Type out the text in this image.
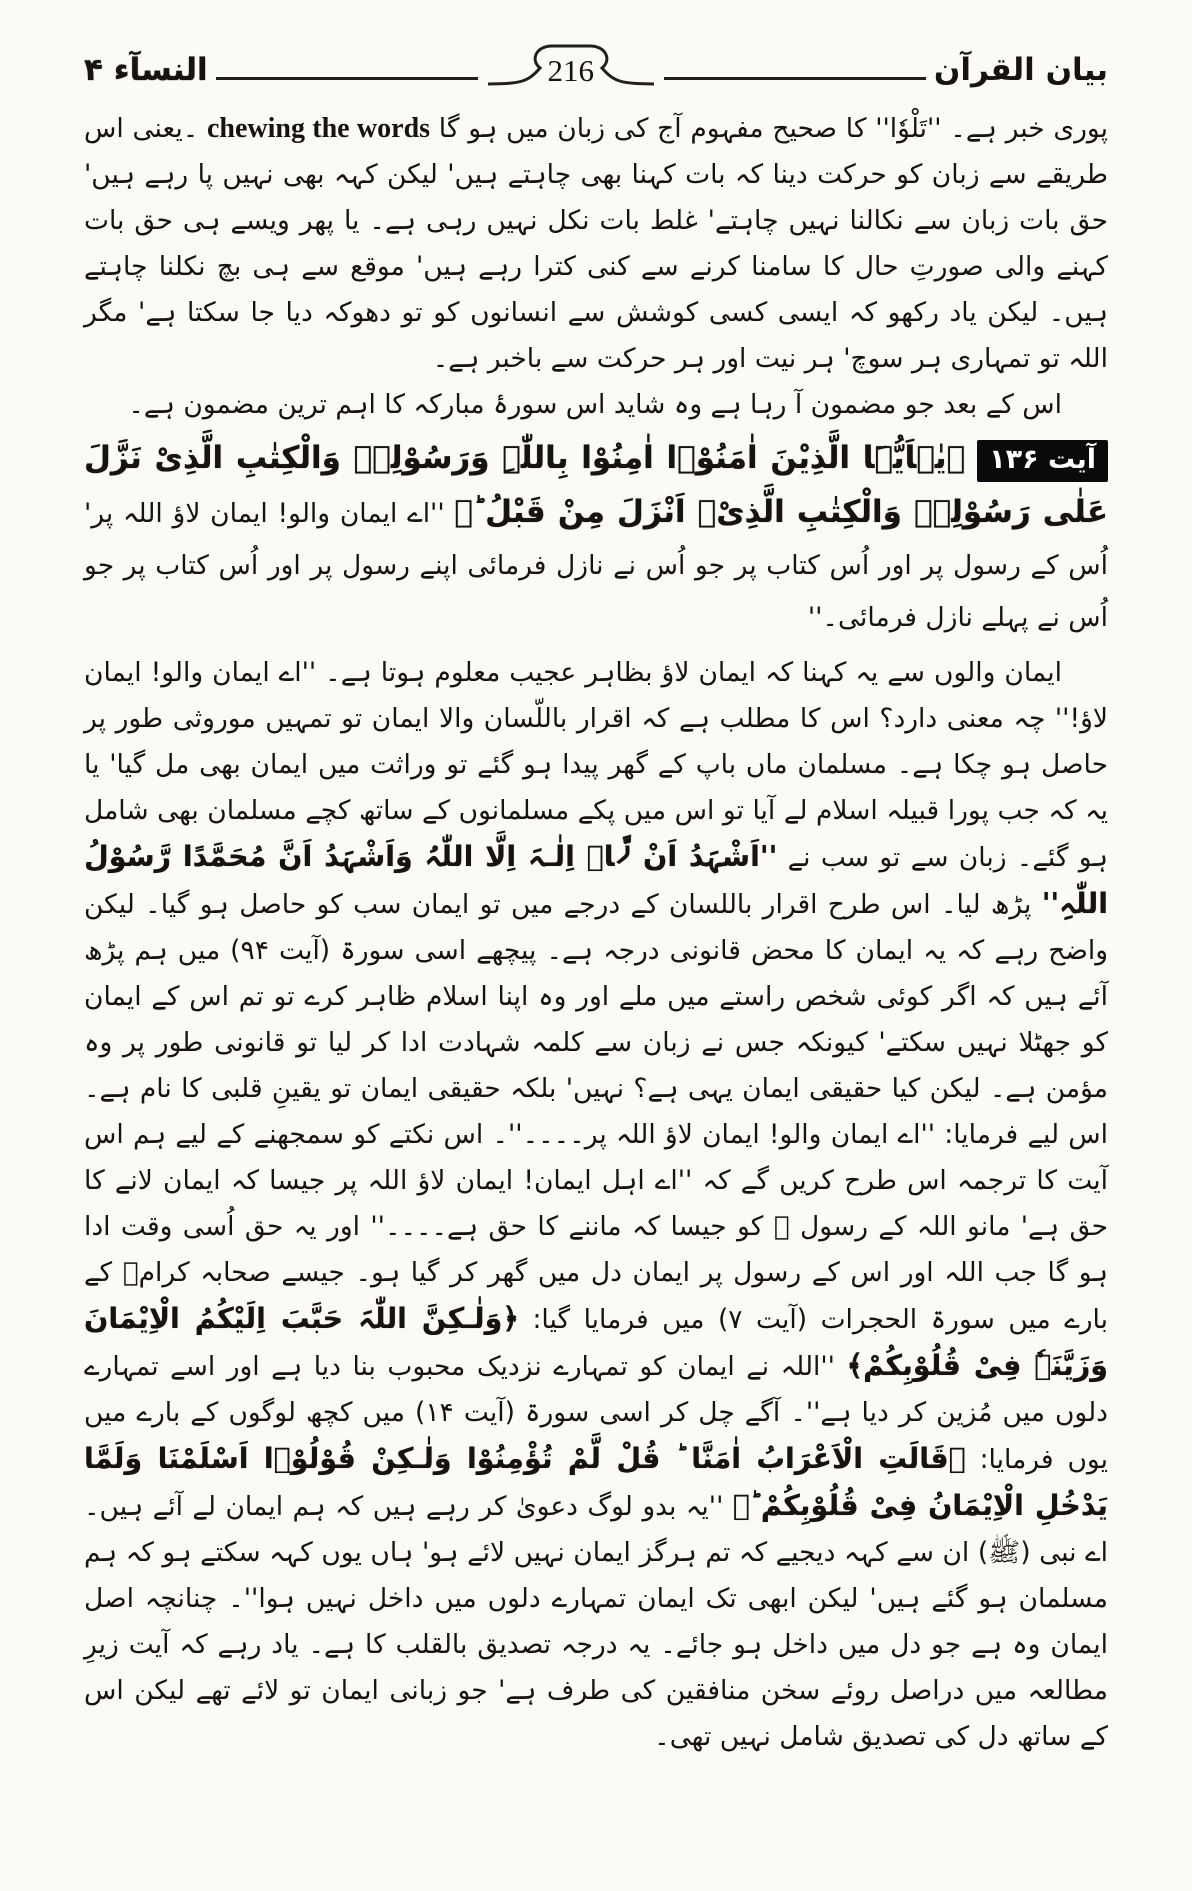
بیان القرآن
216
النسآء ۴

پوری خبر ہے۔ ''تَلْوٗا'' کا صحیح مفہوم آج کی زبان میں ہو گا chewing the words ۔یعنی اس طریقے سے زبان کو حرکت دینا کہ بات کہنا بھی چاہتے ہیں' لیکن کہہ بھی نہیں پا رہے ہیں' حق بات زبان سے نکالنا نہیں چاہتے' غلط بات نکل نہیں رہی ہے۔ یا پھر ویسے ہی حق بات کہنے والی صورتِ حال کا سامنا کرنے سے کنی کترا رہے ہیں' موقع سے ہی بچ نکلنا چاہتے ہیں۔ لیکن یاد رکھو کہ ایسی کسی کوشش سے انسانوں کو تو دھوکہ دیا جا سکتا ہے' مگر اللہ تو تمہاری ہر سوچ' ہر نیت اور ہر حرکت سے باخبر ہے۔

اس کے بعد جو مضمون آ رہا ہے وہ شاید اس سورۂ مبارکہ کا اہم ترین مضمون ہے۔

آیت ۱۳۶﴿یٰۤاَیُّہَا الَّذِیْنَ اٰمَنُوْۤا اٰمِنُوْا بِاللّٰہِ وَرَسُوْلِہٖ وَالْکِتٰبِ الَّذِیْ نَزَّلَ عَلٰی رَسُوْلِہٖ وَالْکِتٰبِ الَّذِیْۤ اَنْزَلَ مِنْ قَبْلُ ؕ﴾ ''اے ایمان والو! ایمان لاؤ اللہ پر' اُس کے رسول پر اور اُس کتاب پر جو اُس نے نازل فرمائی اپنے رسول پر اور اُس کتاب پر جو اُس نے پہلے نازل فرمائی۔''

ایمان والوں سے یہ کہنا کہ ایمان لاؤ بظاہر عجیب معلوم ہوتا ہے۔ ''اے ایمان والو! ایمان لاؤ!'' چہ معنی دارد؟ اس کا مطلب ہے کہ اقرار باللّسان والا ایمان تو تمہیں موروثی طور پر حاصل ہو چکا ہے۔ مسلمان ماں باپ کے گھر پیدا ہو گئے تو وراثت میں ایمان بھی مل گیا' یا یہ کہ جب پورا قبیلہ اسلام لے آیا تو اس میں پکے مسلمانوں کے ساتھ کچے مسلمان بھی شامل ہو گئے۔ زبان سے تو سب نے ''اَشْہَدُ اَنْ لَّاۤ اِلٰـہَ اِلَّا اللّٰہُ وَاَشْہَدُ اَنَّ مُحَمَّدًا رَّسُوْلُ اللّٰہِ'' پڑھ لیا۔ اس طرح اقرار باللسان کے درجے میں تو ایمان سب کو حاصل ہو گیا۔ لیکن واضح رہے کہ یہ ایمان کا محض قانونی درجہ ہے۔ پیچھے اسی سورۃ (آیت ۹۴) میں ہم پڑھ آئے ہیں کہ اگر کوئی شخص راستے میں ملے اور وہ اپنا اسلام ظاہر کرے تو تم اس کے ایمان کو جھٹلا نہیں سکتے' کیونکہ جس نے زبان سے کلمہ شہادت ادا کر لیا تو قانونی طور پر وہ مؤمن ہے۔ لیکن کیا حقیقی ایمان یہی ہے؟ نہیں' بلکہ حقیقی ایمان تو یقینِ قلبی کا نام ہے۔ اس لیے فرمایا: ''اے ایمان والو! ایمان لاؤ اللہ پر۔۔۔۔''۔ اس نکتے کو سمجھنے کے لیے ہم اس آیت کا ترجمہ اس طرح کریں گے کہ ''اے اہل ایمان! ایمان لاؤ اللہ پر جیسا کہ ایمان لانے کا حق ہے' مانو اللہ کے رسول ﷺ کو جیسا کہ ماننے کا حق ہے۔۔۔۔'' اور یہ حق اُسی وقت ادا ہو گا جب اللہ اور اس کے رسول پر ایمان دل میں گھر کر گیا ہو۔ جیسے صحابہ کرامؓ کے بارے میں سورۃ الحجرات (آیت ۷) میں فرمایا گیا: ﴿وَلٰـکِنَّ اللّٰہَ حَبَّبَ اِلَیْکُمُ الْاِیْمَانَ وَزَیَّنَہٗ فِیْ قُلُوْبِکُمْ﴾ ''اللہ نے ایمان کو تمہارے نزدیک محبوب بنا دیا ہے اور اسے تمہارے دلوں میں مُزین کر دیا ہے''۔ آگے چل کر اسی سورۃ (آیت ۱۴) میں کچھ لوگوں کے بارے میں یوں فرمایا: ﴿قَالَتِ الْاَعْرَابُ اٰمَنَّا ؕ قُلْ لَّمْ تُؤْمِنُوْا وَلٰـکِنْ قُوْلُوْۤا اَسْلَمْنَا وَلَمَّا یَدْخُلِ الْاِیْمَانُ فِیْ قُلُوْبِکُمْ ؕ﴾ ''یہ بدو لوگ دعویٰ کر رہے ہیں کہ ہم ایمان لے آئے ہیں۔ اے نبی (ﷺ) ان سے کہہ دیجیے کہ تم ہرگز ایمان نہیں لائے ہو' ہاں یوں کہہ سکتے ہو کہ ہم مسلمان ہو گئے ہیں' لیکن ابھی تک ایمان تمہارے دلوں میں داخل نہیں ہوا''۔ چنانچہ اصل ایمان وہ ہے جو دل میں داخل ہو جائے۔ یہ درجہ تصدیق بالقلب کا ہے۔ یاد رہے کہ آیت زیرِ مطالعہ میں دراصل روئے سخن منافقین کی طرف ہے' جو زبانی ایمان تو لائے تھے لیکن اس کے ساتھ دل کی تصدیق شامل نہیں تھی۔
